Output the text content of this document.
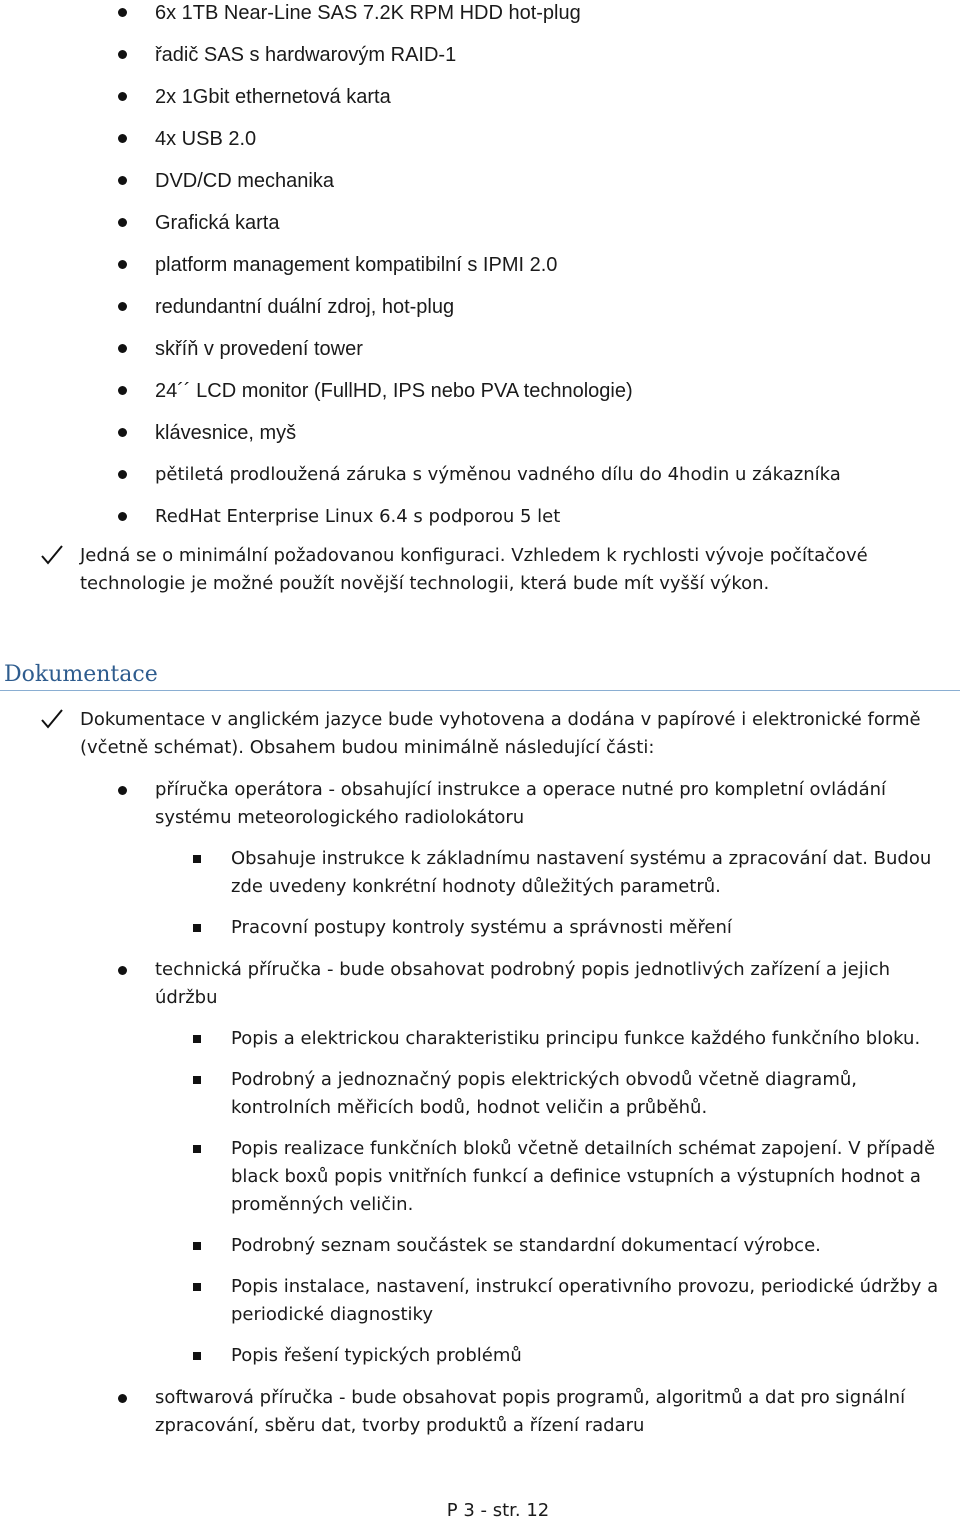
6x 1TB Near-Line SAS 7.2K RPM HDD hot-plug
řadič SAS s hardwarovým RAID-1
2x 1Gbit ethernetová karta
4x USB 2.0
DVD/CD mechanika
Grafická karta
platform management kompatibilní s IPMI 2.0
redundantní duální zdroj, hot-plug
skříň v provedení tower
24´´ LCD monitor (FullHD, IPS nebo PVA technologie)
klávesnice, myš
pětiletá prodloužená záruka s výměnou vadného dílu do 4hodin u zákazníka
RedHat Enterprise Linux 6.4 s podporou 5 let
Jedná se o minimální požadovanou konfiguraci. Vzhledem k rychlosti vývoje počítačové technologie je možné použít novější technologii, která bude mít vyšší výkon.
Dokumentace
Dokumentace v anglickém jazyce bude vyhotovena a dodána v papírové i elektronické formě (včetně schémat). Obsahem budou minimálně následující části:
příručka operátora - obsahující instrukce a operace nutné pro kompletní ovládání systému meteorologického radiolokátoru
Obsahuje instrukce k základnímu nastavení systému a zpracování dat. Budou zde uvedeny konkrétní hodnoty důležitých parametrů.
Pracovní postupy kontroly systému a správnosti měření
technická příručka - bude obsahovat podrobný popis jednotlivých zařízení a jejich údržbu
Popis a elektrickou charakteristiku principu funkce každého funkčního bloku.
Podrobný a jednoznačný popis elektrických obvodů včetně diagramů, kontrolních měřicích bodů, hodnot veličin a průběhů.
Popis realizace funkčních bloků včetně detailních schémat zapojení. V případě black boxů popis vnitřních funkcí a definice vstupních a výstupních hodnot a proměnných veličin.
Podrobný seznam součástek se standardní dokumentací výrobce.
Popis instalace, nastavení, instrukcí operativního provozu, periodické údržby a periodické diagnostiky
Popis řešení typických problémů
softwarová příručka - bude obsahovat popis programů, algoritmů a dat pro signální zpracování, sběru dat, tvorby produktů a řízení radaru
P 3 - str. 12
